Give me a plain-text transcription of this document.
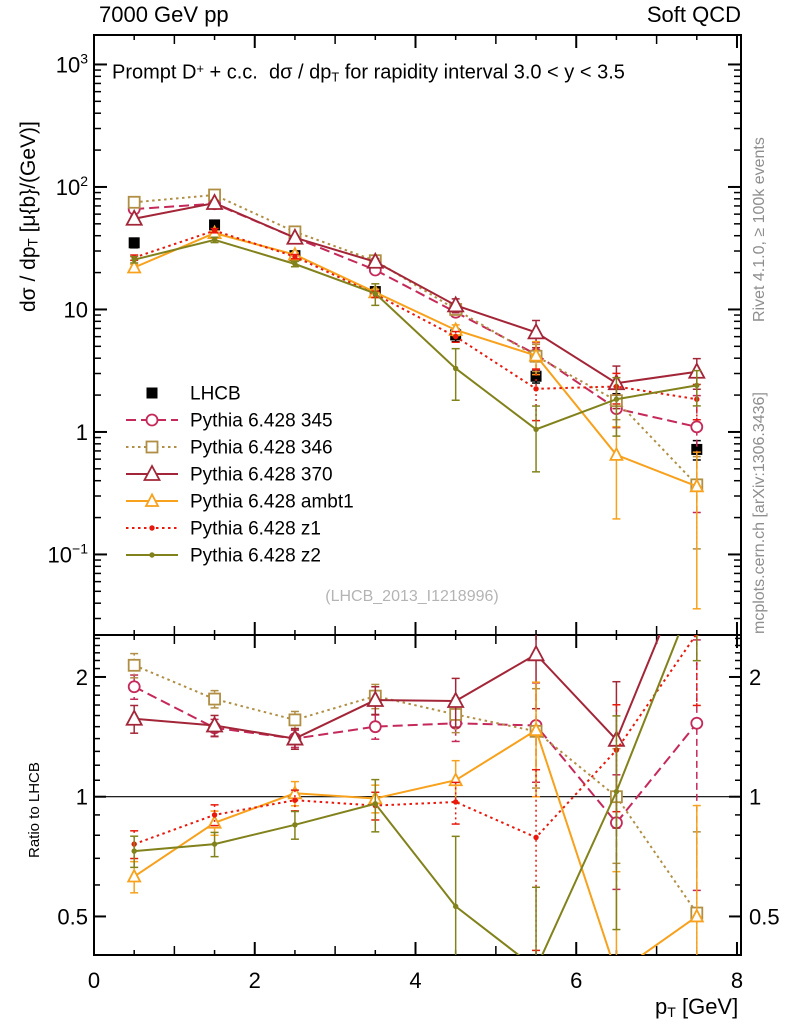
$10^3$
$10^2$
10
1
$10^{-1}$
2	2
1	1
0.5	0.5
0	2	4	6	8
LHCB
Pythia 6.428 345
Pythia 6.428 346
Pythia 6.428 370
Pythia 6.428 ambt1
Pythia 6.428 z1
Pythia 6.428 z2
7000 GeV pp	Soft QCD
Prompt D+ + c.c.  dσ / $dp_T$ for rapidity interval 3.0 < y < 3.5
dσ / $dp_T$ [μ{b}/(GeV)]
Ratio to LHCB
Rivet 4.1.0, ≥ 100k events
mcplots.cern.ch [arXiv:1306.3436]
(LHCB_2013_I1218996)
$p_T$ [GeV]
